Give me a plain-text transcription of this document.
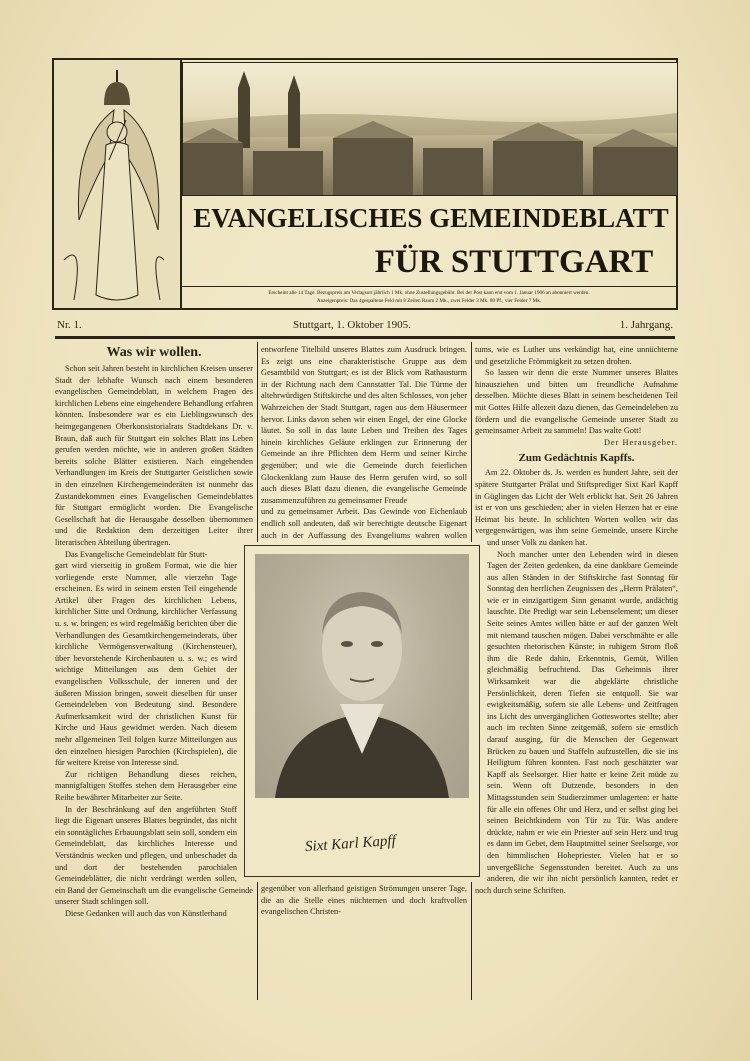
EVANGELISCHES GEMEINDEBLATT
FÜR STUTTGART
Erscheint alle 14 Tage. Bezugspreis am Verlagsort jährlich 1 Mk. ohne Zustellungsgebühr. Bei der Post kann erst vom 1. Januar 1906 an abonniert werden.
Anzeigenpreis: Das 4gespaltene Feld mit 8 Zeilen Raum 2 Mk., zwei Felder 3 Mk. 80 Pf., vier Felder 7 Mk.
Nr. 1.	Stuttgart, 1. Oktober 1905.	1. Jahrgang.
Was wir wollen.

Schon seit Jahren besteht in kirchlichen Kreisen unserer Stadt der lebhafte Wunsch nach einem besonderen evangelischen Gemeindeblatt, in welchem Fragen des kirchlichen Lebens eine eingehendere Behandlung erfahren könnten. Insbesondere war es ein Lieblingswunsch des heimgegangenen Oberkonsistorialrats Stadtdekans Dr. v. Braun, daß auch für Stuttgart ein solches Blatt ins Leben gerufen werden möchte, wie in anderen großen Städten bereits solche Blätter existieren. Nach eingehenden Verhandlungen im Kreis der Stuttgarter Geistlichen sowie in den einzelnen Kirchengemeinderäten ist nunmehr das Zustandekommen eines Evangelischen Gemeindeblattes für Stuttgart ermöglicht worden. Die Evangelische Gesellschaft hat die Herausgabe desselben übernommen und die Redaktion dem derzeitigen Leiter ihrer literarischen Abteilung übertragen.

Das Evangelische Gemeindeblatt für Stutt-

gart wird vierseitig in großem Format, wie die hier vorliegende erste Nummer, alle vierzehn Tage erscheinen. Es wird in seinem ersten Teil eingehende Artikel über Fragen des kirchlichen Lebens, kirchlicher Sitte und Ordnung, kirchlicher Verfassung u. s. w. bringen; es wird regelmäßig berichten über die Verhandlungen des Gesamtkirchengemeinderats, über kirchliche Vermögensverwaltung (Kirchensteuer), über bevorstehende Kirchenbauten u. s. w.; es wird wichtige Mitteilungen aus dem Gebiet der evangelischen Volksschule, der inneren und der äußeren Mission bringen, soweit dieselben für unser Gemeindeleben von Bedeutung sind. Besondere Aufmerksamkeit wird der christlichen Kunst für Kirche und Haus gewidmet werden. Nach diesem mehr allgemeinen Teil folgen kurze Mitteilungen aus den einzelnen hiesigen Parochien (Kirchspielen), die für weitere Kreise von Interesse sind.

Zur richtigen Behandlung dieses reichen, mannigfaltigen Stoffes stehen dem Herausgeber eine Reihe bewährter Mitarbeiter zur Seite.

In der Beschränkung auf den angeführten Stoff liegt die Eigenart unseres Blattes begründet, das nicht ein sonntägliches Erbauungsblatt sein soll, sondern ein Gemeindeblatt, das kirchliches Interesse und Verständnis wecken und pflegen, und unbeschadet da und dort der bestehenden parochialen Gemeindeblätter, die nicht verdrängt werden sollen, ein Band der Gemeinschaft um die evangelische Gemeinde unserer Stadt schlingen soll.

Diese Gedanken will auch das von Künstlerhand

entworfene Titelbild unseres Blattes zum Ausdruck bringen. Es zeigt uns eine charakteristische Gruppe aus dem Gesamtbild von Stuttgart; es ist der Blick vom Rathausturm in der Richtung nach dem Cannstatter Tal. Die Türme der altehrwürdigen Stiftskirche und des alten Schlosses, von jeher Wahrzeichen der Stadt Stuttgart, ragen aus dem Häusermeer hervor. Links davon sehen wir einen Engel, der eine Glocke läutet. So soll in das laute Leben und Treiben des Tages hinein kirchliches Geläute erklingen zur Erinnerung der Gemeinde an ihre Pflichten dem Herrn und seiner Kirche gegenüber; und wie die Gemeinde durch feierlichen Glockenklang zum Hause des Herrn gerufen wird, so soll auch dieses Blatt dazu dienen, die evangelische Gemeinde zusammenzuführen zu gemeinsamer Freude

und zu gemeinsamer Arbeit. Das Gewinde von Eichenlaub endlich soll andeuten, daß wir berechtigte deutsche Eigenart auch in der Auffassung des Evangeliums wahren wollen gegenüber von allerhand geistigen Strömungen unserer Tage, die an die Stelle eines nüchternen und doch kraftvollen evangelischen Christen-

tums, wie es Luther uns verkündigt hat, eine unnüchterne und gesetzliche Frömmigkeit zu setzen drohen.

So lassen wir denn die erste Nummer unseres Blattes hinausziehen und bitten um freundliche Aufnahme desselben. Möchte dieses Blatt in seinem bescheidenen Teil mit Gottes Hilfe allezeit dazu dienen, das Gemeindeleben zu fördern und die evangelische Gemeinde unserer Stadt zu gemeinsamer Arbeit zu sammeln! Das walte Gott!

Der Herausgeber.
Zum Gedächtnis Kapffs.

Am 22. Oktober ds. Js. werden es hundert Jahre, seit der spätere Stuttgarter Prälat und Stiftsprediger Sixt Karl Kapff in Güglingen das Licht der Welt erblickt hat. Seit 26 Jahren ist er von uns geschieden; aber in vielen Herzen hat er eine Heimat bis heute. In schlichten Worten wollen wir das vergegenwärtigen, was ihm seine Gemeinde, unsere Kirche und unser Volk zu danken hat.

Noch mancher unter den Lebenden wird in diesen Tagen der Zeiten gedenken, da eine dankbare Gemeinde aus allen Ständen in der Stiftskirche fast Sonntag für Sonntag den herrlichen Zeugnissen des „Herrn Prälaten“, wie er in einzigartigem Sinn genannt wurde, andächtig lauschte. Die Predigt war sein Lebenselement; um dieser Seite seines Amtes willen hätte er auf der ganzen Welt mit niemand tauschen mögen. Dabei verschmähte er alle gesuchten rhetorischen Künste; in ruhigem Strom floß ihm die Rede dahin, Erkenntnis, Gemüt, Willen gleichmäßig befruchtend. Das Geheimnis ihrer Wirksamkeit war die abgeklärte christliche Persönlichkeit, deren Tiefen sie entquoll. Sie war ewigkeitsmäßig, sofern sie alle Lebens- und Zeitfragen ins Licht des unvergänglichen Gotteswortes stellte; aber auch im rechten Sinne zeitgemäß, sofern sie ernstlich darauf ausging, für die Menschen der Gegenwart Brücken zu bauen und Staffeln aufzustellen, die sie ins Heiligtum führen konnten. Fast noch geschätzter war Kapff als Seelsorger. Hier hatte er keine Zeit müde zu sein. Wenn oft Dutzende, besonders in den Mittagsstunden sein Studierzimmer umlagerten: er hatte für alle ein offenes Ohr und Herz, und er selbst ging bei seinen Beichtkindern von Tür zu Tür. Was andere drückte, nahm er wie ein Priester auf sein Herz und trug es dann im Gebet, dem Hauptmittel seiner Seelsorge, vor den himmlischen Hohepriester. Vielen hat er so unvergeßliche Segensstunden bereitet. Auch zu uns anderen, die wir ihn nicht persönlich kannten, redet er noch durch seine Schriften.

Sixt Karl Kapff
